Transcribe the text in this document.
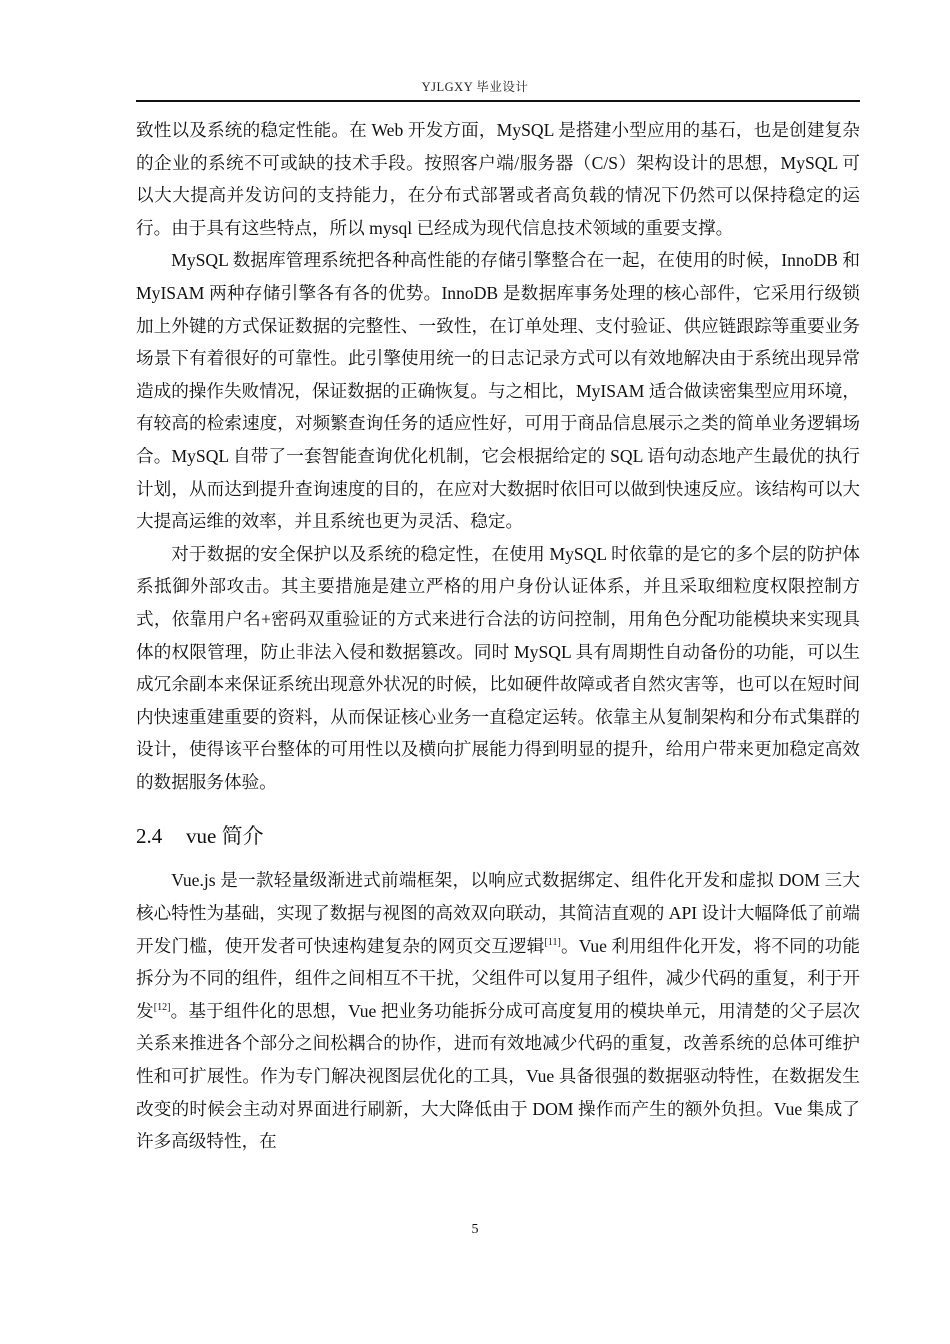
YJLGXY 毕业设计

致性以及系统的稳定性能。在 Web 开发方面，MySQL 是搭建小型应用的基石，也是创建复杂的企业的系统不可或缺的技术手段。按照客户端/服务器（C/S）架构设计的思想，MySQL 可以大大提高并发访问的支持能力，在分布式部署或者高负载的情况下仍然可以保持稳定的运行。由于具有这些特点，所以 mysql 已经成为现代信息技术领域的重要支撑。

MySQL 数据库管理系统把各种高性能的存储引擎整合在一起，在使用的时候，InnoDB 和 MyISAM 两种存储引擎各有各的优势。InnoDB 是数据库事务处理的核心部件，它采用行级锁加上外键的方式保证数据的完整性、一致性，在订单处理、支付验证、供应链跟踪等重要业务场景下有着很好的可靠性。此引擎使用统一的日志记录方式可以有效地解决由于系统出现异常造成的操作失败情况，保证数据的正确恢复。与之相比，MyISAM 适合做读密集型应用环境，有较高的检索速度，对频繁查询任务的适应性好，可用于商品信息展示之类的简单业务逻辑场合。MySQL 自带了一套智能查询优化机制，它会根据给定的 SQL 语句动态地产生最优的执行计划，从而达到提升查询速度的目的，在应对大数据时依旧可以做到快速反应。该结构可以大大提高运维的效率，并且系统也更为灵活、稳定。

对于数据的安全保护以及系统的稳定性，在使用 MySQL 时依靠的是它的多个层的防护体系抵御外部攻击。其主要措施是建立严格的用户身份认证体系，并且采取细粒度权限控制方式，依靠用户名+密码双重验证的方式来进行合法的访问控制，用角色分配功能模块来实现具体的权限管理，防止非法入侵和数据篡改。同时 MySQL 具有周期性自动备份的功能，可以生成冗余副本来保证系统出现意外状况的时候，比如硬件故障或者自然灾害等，也可以在短时间内快速重建重要的资料，从而保证核心业务一直稳定运转。依靠主从复制架构和分布式集群的设计，使得该平台整体的可用性以及横向扩展能力得到明显的提升，给用户带来更加稳定高效的数据服务体验。

2.4 vue 简介

Vue.js 是一款轻量级渐进式前端框架，以响应式数据绑定、组件化开发和虚拟 DOM 三大核心特性为基础，实现了数据与视图的高效双向联动，其简洁直观的 API 设计大幅降低了前端开发门槛，使开发者可快速构建复杂的网页交互逻辑[11]。Vue 利用组件化开发，将不同的功能拆分为不同的组件，组件之间相互不干扰，父组件可以复用子组件，减少代码的重复，利于开发[12]。基于组件化的思想，Vue 把业务功能拆分成可高度复用的模块单元，用清楚的父子层次关系来推进各个部分之间松耦合的协作，进而有效地减少代码的重复，改善系统的总体可维护性和可扩展性。作为专门解决视图层优化的工具，Vue 具备很强的数据驱动特性，在数据发生改变的时候会主动对界面进行刷新，大大降低由于 DOM 操作而产生的额外负担。Vue 集成了许多高级特性，在

5
